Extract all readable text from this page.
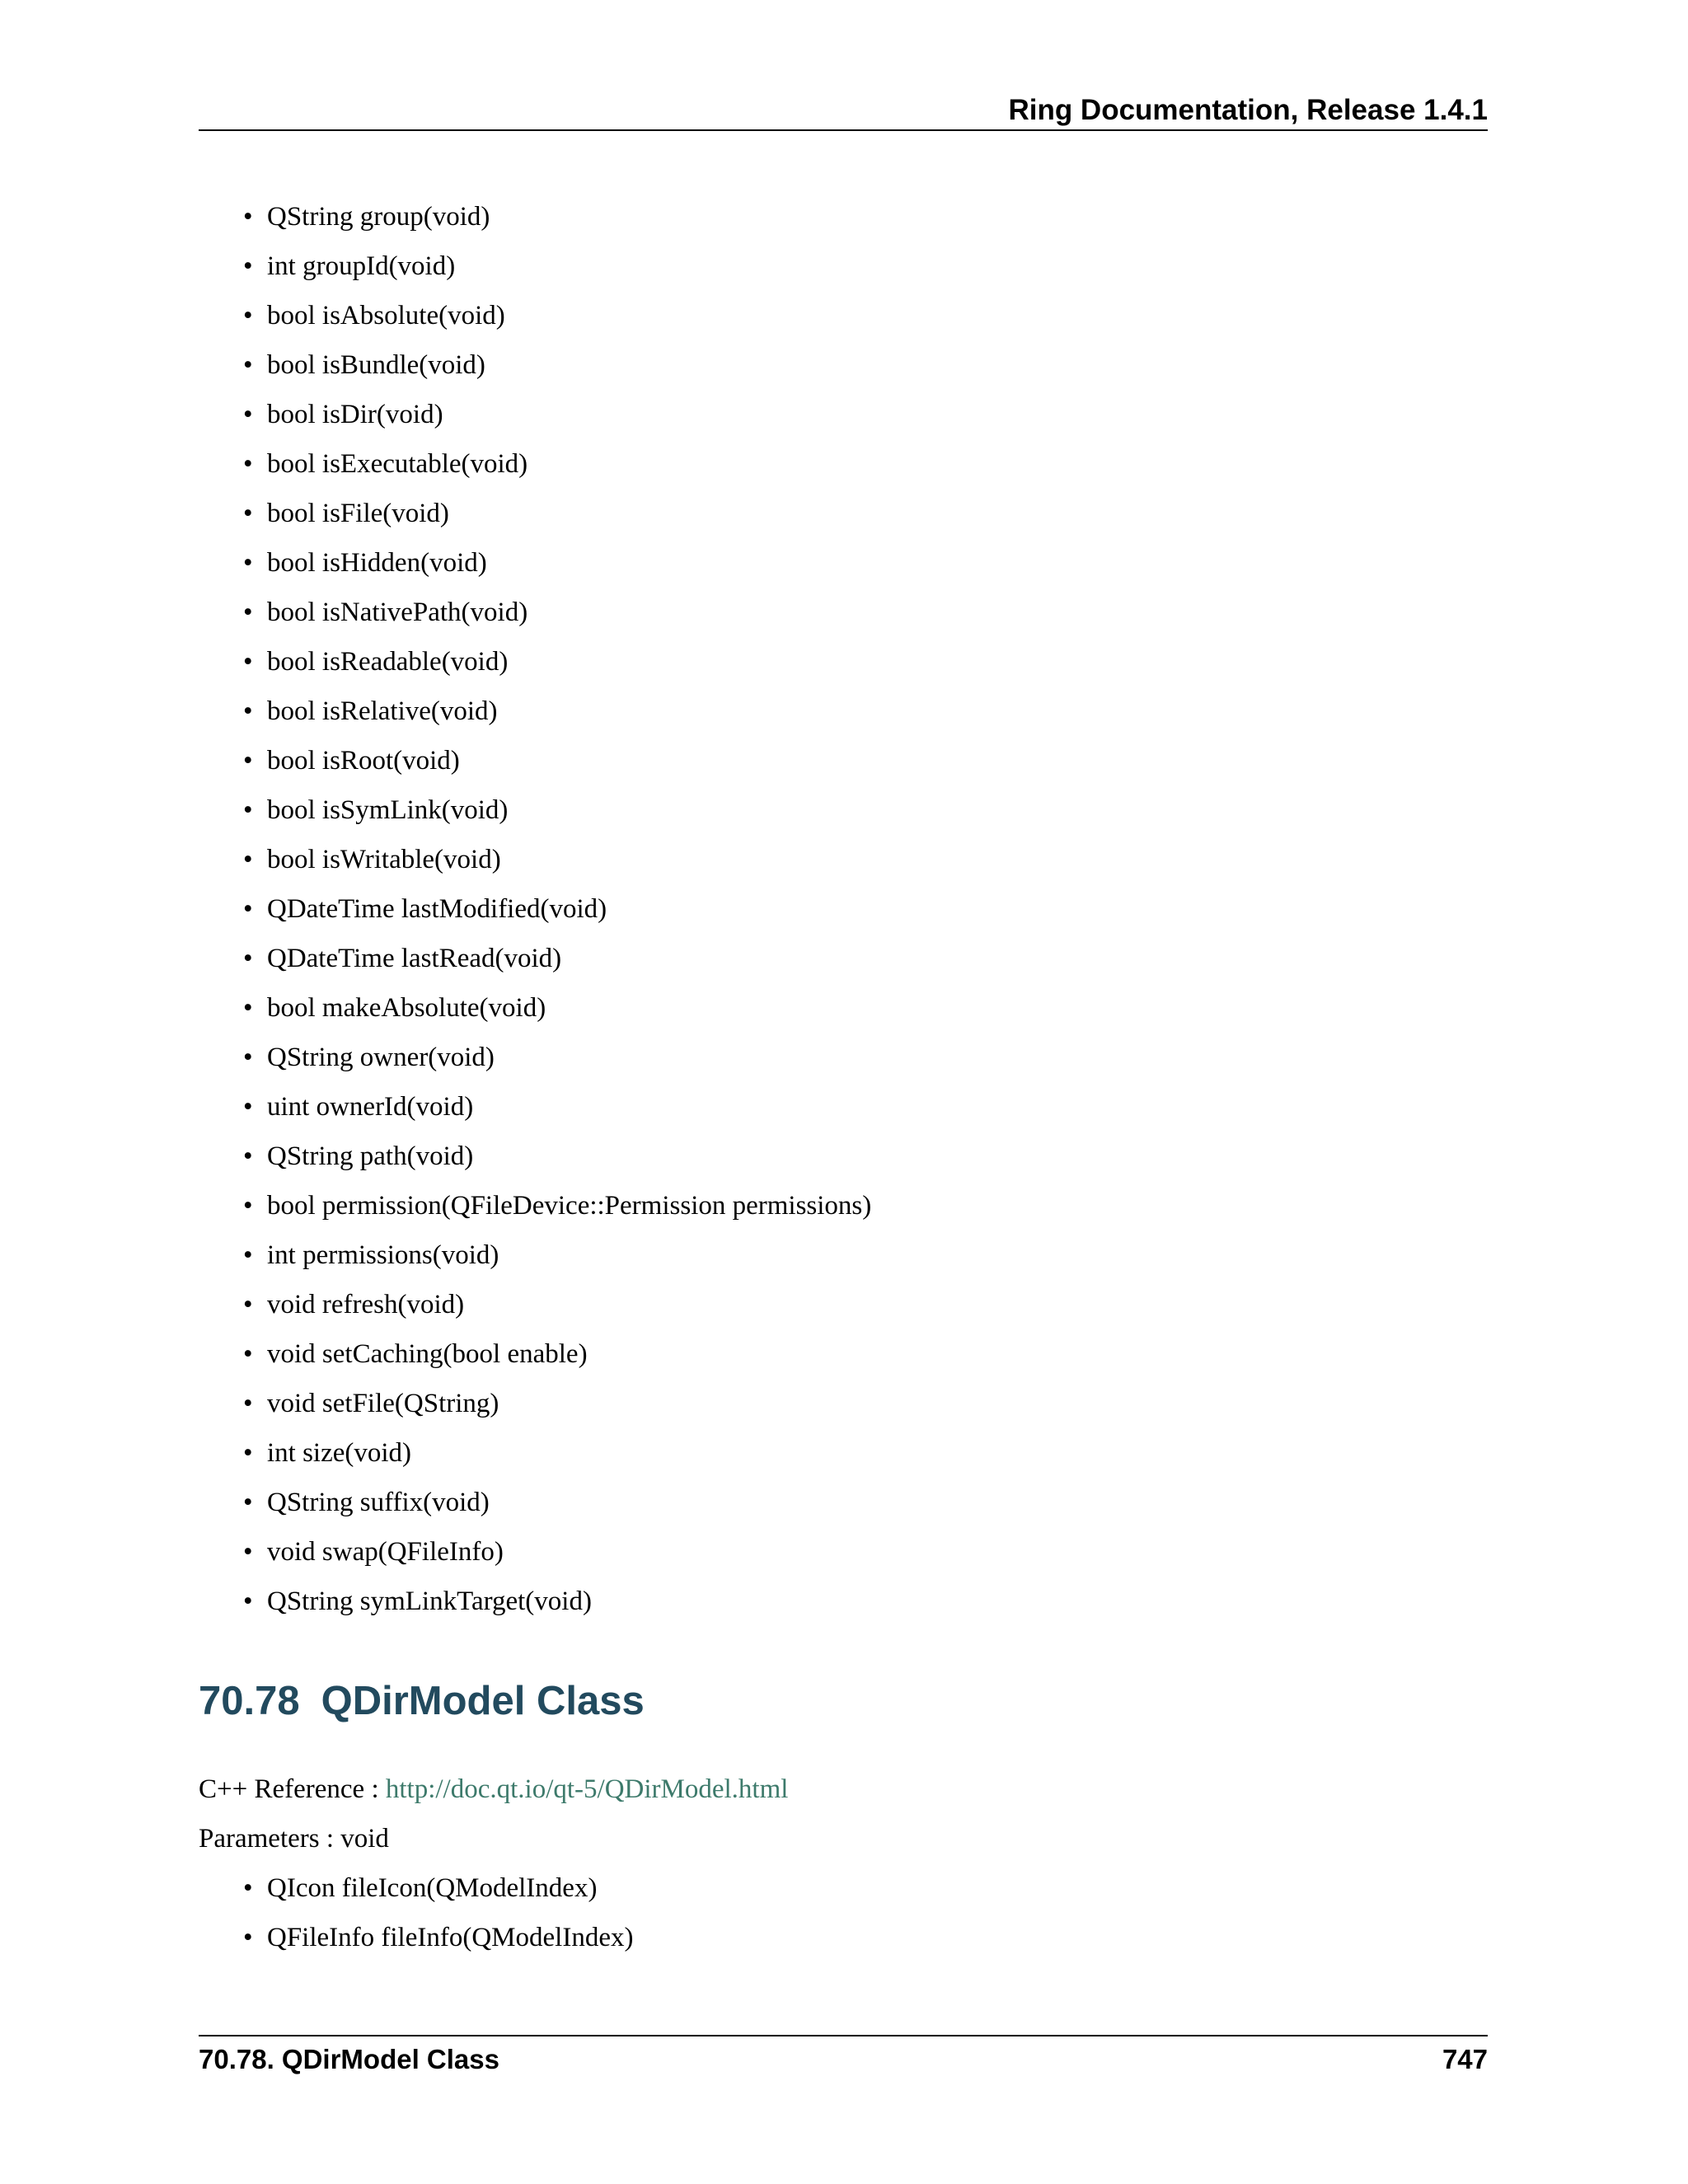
Ring Documentation, Release 1.4.1
• QString group(void)
• int groupId(void)
• bool isAbsolute(void)
• bool isBundle(void)
• bool isDir(void)
• bool isExecutable(void)
• bool isFile(void)
• bool isHidden(void)
• bool isNativePath(void)
• bool isReadable(void)
• bool isRelative(void)
• bool isRoot(void)
• bool isSymLink(void)
• bool isWritable(void)
• QDateTime lastModified(void)
• QDateTime lastRead(void)
• bool makeAbsolute(void)
• QString owner(void)
• uint ownerId(void)
• QString path(void)
• bool permission(QFileDevice::Permission permissions)
• int permissions(void)
• void refresh(void)
• void setCaching(bool enable)
• void setFile(QString)
• int size(void)
• QString suffix(void)
• void swap(QFileInfo)
• QString symLinkTarget(void)
70.78 QDirModel Class
C++ Reference : http://doc.qt.io/qt-5/QDirModel.html
Parameters : void
• QIcon fileIcon(QModelIndex)
• QFileInfo fileInfo(QModelIndex)
70.78. QDirModel Class	747
